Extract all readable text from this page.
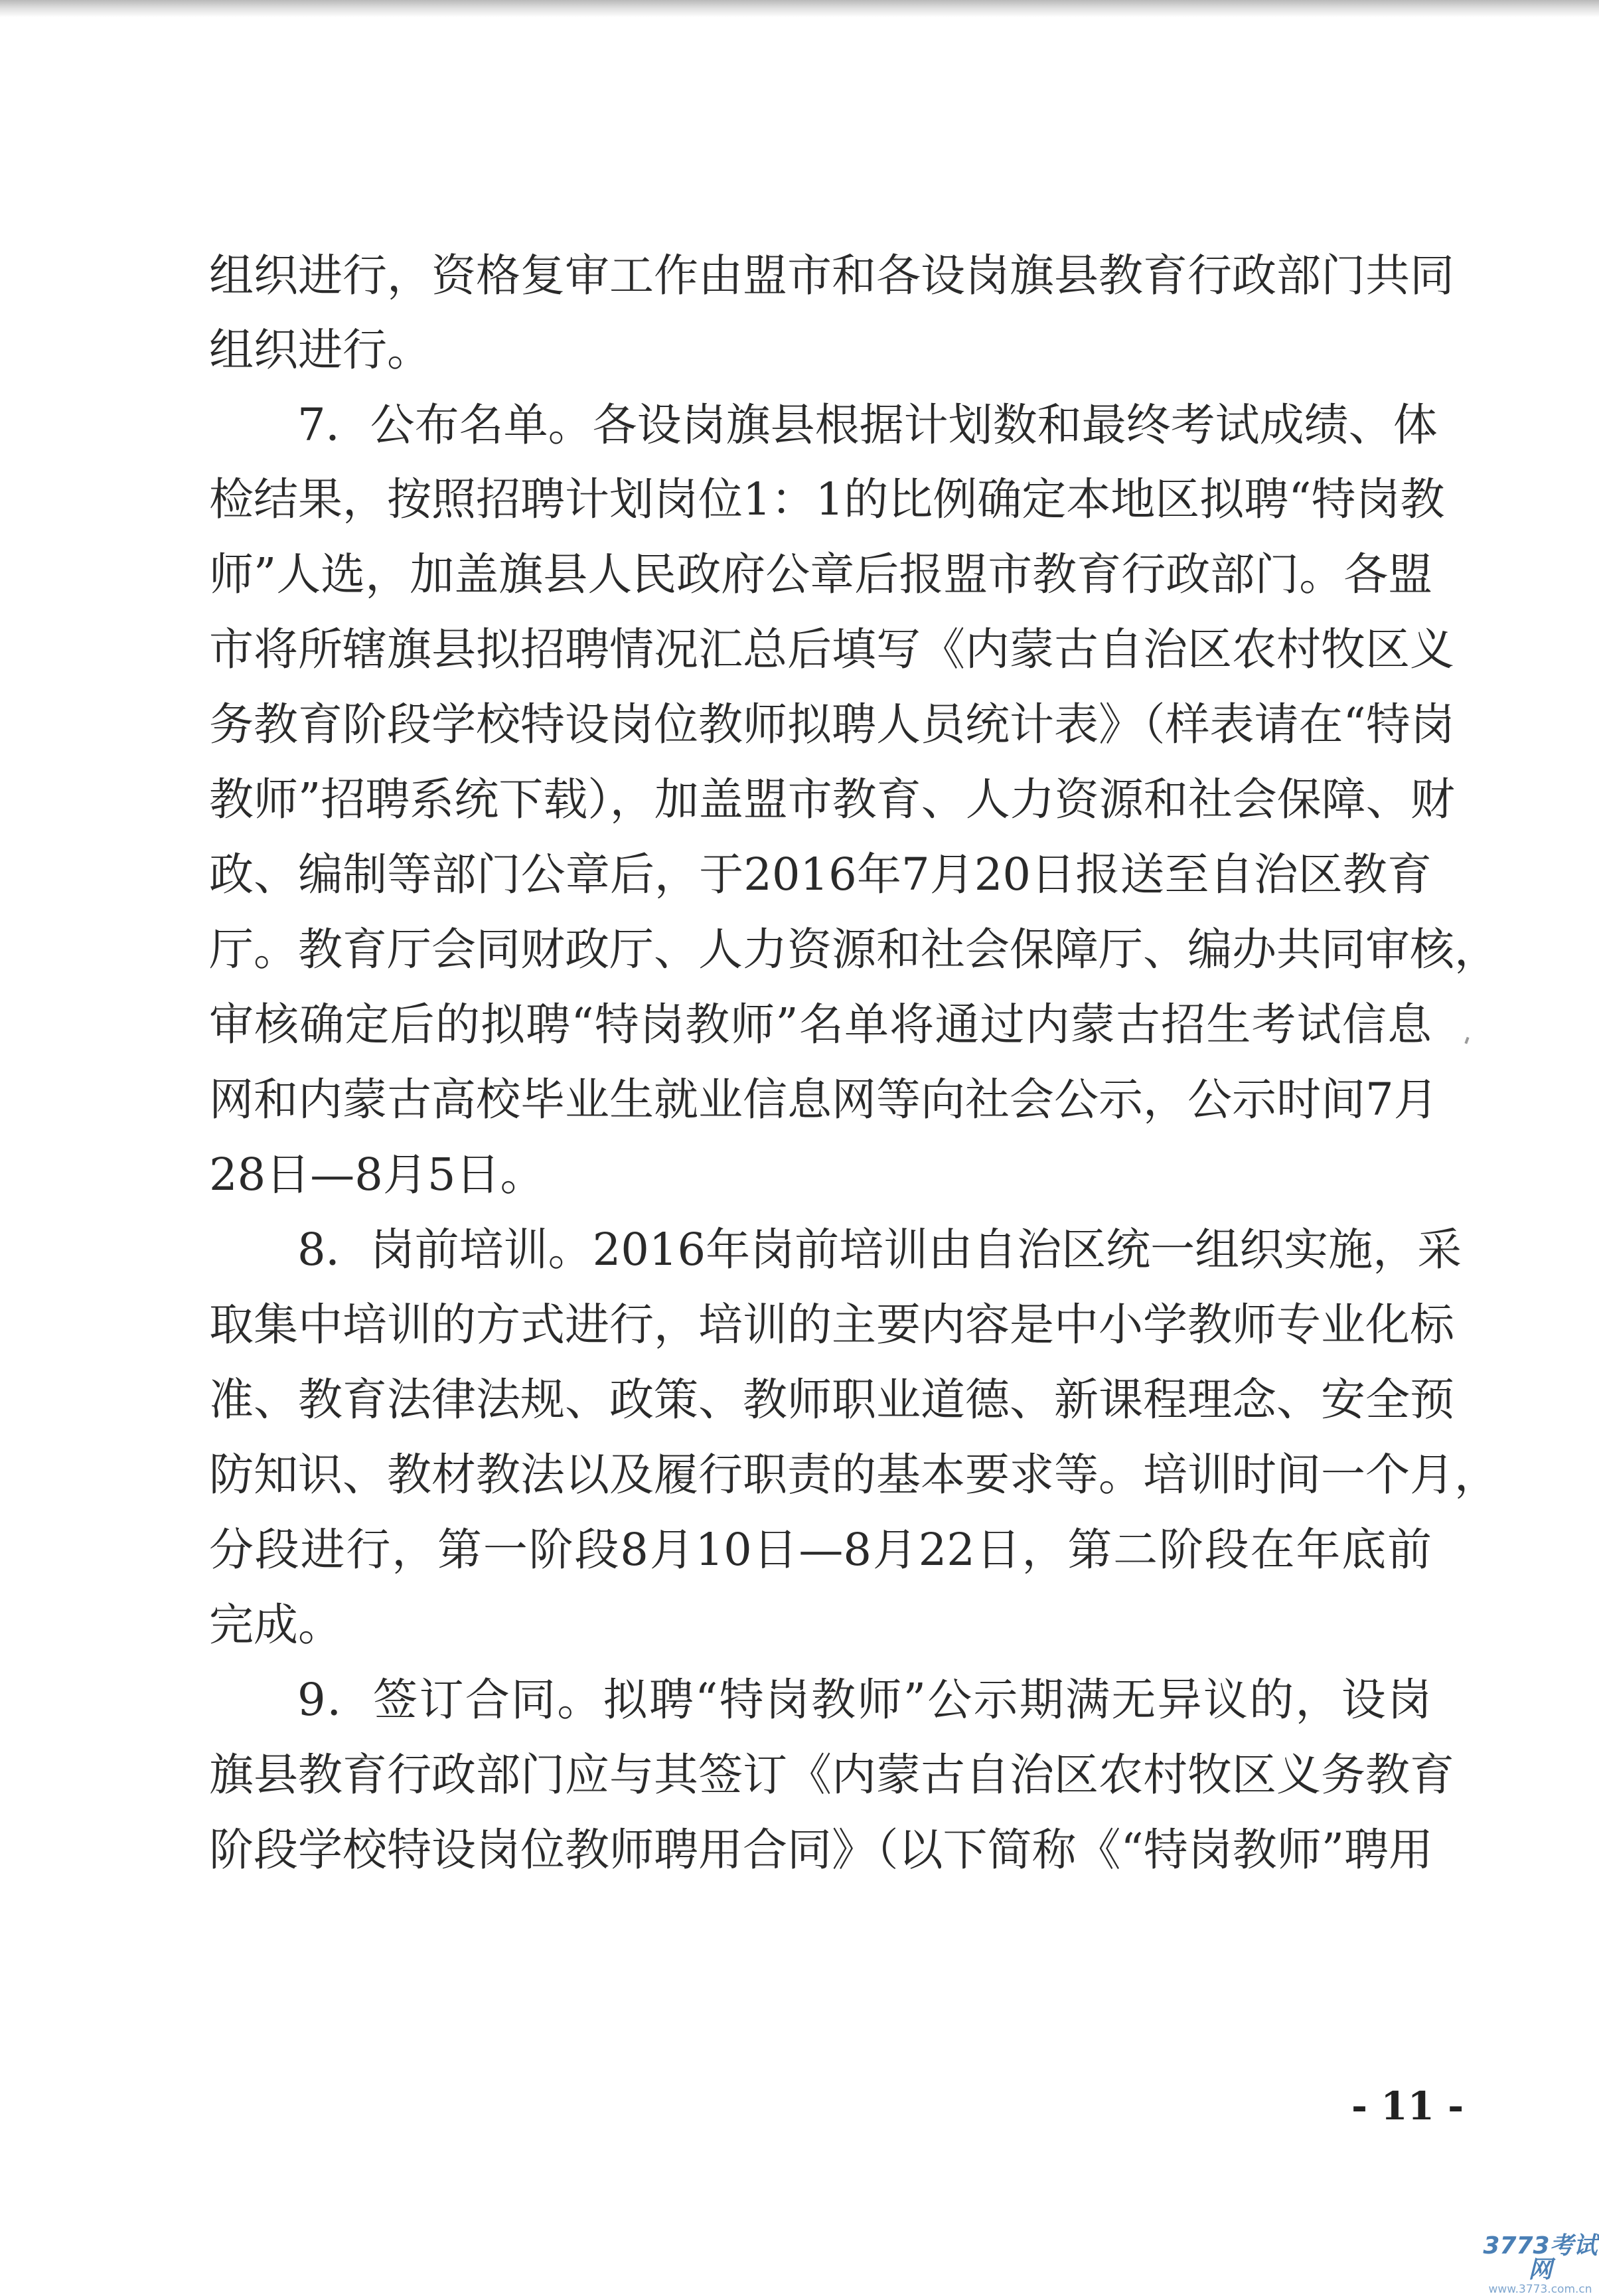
组织进行，资格复审工作由盟市和各设岗旗县教育行政部门共同
组织进行。
7．公布名单。各设岗旗县根据计划数和最终考试成绩、体
检结果，按照招聘计划岗位1：1的比例确定本地区拟聘“特岗教
师”人选，加盖旗县人民政府公章后报盟市教育行政部门。各盟
市将所辖旗县拟招聘情况汇总后填写《内蒙古自治区农村牧区义
务教育阶段学校特设岗位教师拟聘人员统计表》（样表请在“特岗
教师”招聘系统下载），加盖盟市教育、人力资源和社会保障、财
政、编制等部门公章后，于2016年7月20日报送至自治区教育
厅。教育厅会同财政厅、人力资源和社会保障厅、编办共同审核，
审核确定后的拟聘“特岗教师”名单将通过内蒙古招生考试信息
网和内蒙古高校毕业生就业信息网等向社会公示，公示时间7月
28日—8月5日。
8．岗前培训。2016年岗前培训由自治区统一组织实施，采
取集中培训的方式进行，培训的主要内容是中小学教师专业化标
准、教育法律法规、政策、教师职业道德、新课程理念、安全预
防知识、教材教法以及履行职责的基本要求等。培训时间一个月，
分段进行，第一阶段8月10日—8月22日，第二阶段在年底前
完成。
9．签订合同。拟聘“特岗教师”公示期满无异议的，设岗
旗县教育行政部门应与其签订《内蒙古自治区农村牧区义务教育
阶段学校特设岗位教师聘用合同》（以下简称《“特岗教师”聘用
- 11 -
3773考试网
www.3773.com.cn
